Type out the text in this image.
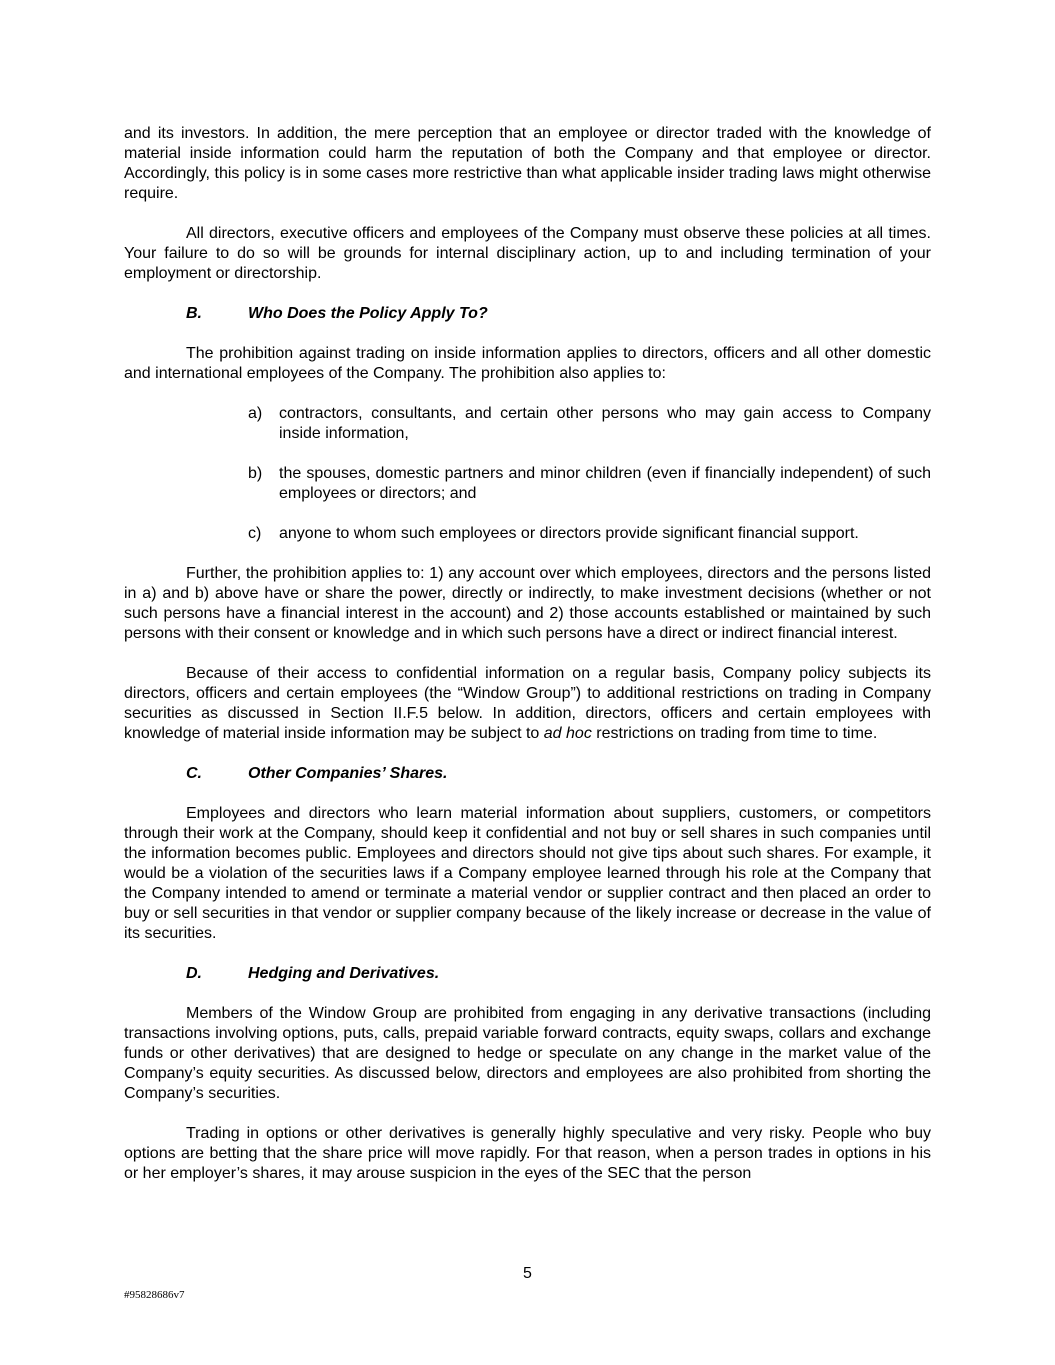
and its investors. In addition, the mere perception that an employee or director traded with the knowledge of material inside information could harm the reputation of both the Company and that employee or director. Accordingly, this policy is in some cases more restrictive than what applicable insider trading laws might otherwise require.

All directors, executive officers and employees of the Company must observe these policies at all times. Your failure to do so will be grounds for internal disciplinary action, up to and including termination of your employment or directorship.

B.	Who Does the Policy Apply To?

The prohibition against trading on inside information applies to directors, officers and all other domestic and international employees of the Company. The prohibition also applies to:

a)	contractors, consultants, and certain other persons who may gain access to Company inside information,
b)	the spouses, domestic partners and minor children (even if financially independent) of such employees or directors; and
c)	anyone to whom such employees or directors provide significant financial support.

Further, the prohibition applies to: 1) any account over which employees, directors and the persons listed in a) and b) above have or share the power, directly or indirectly, to make investment decisions (whether or not such persons have a financial interest in the account) and 2) those accounts established or maintained by such persons with their consent or knowledge and in which such persons have a direct or indirect financial interest.

Because of their access to confidential information on a regular basis, Company policy subjects its directors, officers and certain employees (the “Window Group”) to additional restrictions on trading in Company securities as discussed in Section II.F.5 below. In addition, directors, officers and certain employees with knowledge of material inside information may be subject to ad hoc restrictions on trading from time to time.

C.	Other Companies’ Shares.

Employees and directors who learn material information about suppliers, customers, or competitors through their work at the Company, should keep it confidential and not buy or sell shares in such companies until the information becomes public. Employees and directors should not give tips about such shares. For example, it would be a violation of the securities laws if a Company employee learned through his role at the Company that the Company intended to amend or terminate a material vendor or supplier contract and then placed an order to buy or sell securities in that vendor or supplier company because of the likely increase or decrease in the value of its securities.

D.	Hedging and Derivatives.

Members of the Window Group are prohibited from engaging in any derivative transactions (including transactions involving options, puts, calls, prepaid variable forward contracts, equity swaps, collars and exchange funds or other derivatives) that are designed to hedge or speculate on any change in the market value of the Company’s equity securities. As discussed below, directors and employees are also prohibited from shorting the Company’s securities.

Trading in options or other derivatives is generally highly speculative and very risky. People who buy options are betting that the share price will move rapidly. For that reason, when a person trades in options in his or her employer’s shares, it may arouse suspicion in the eyes of the SEC that the person

5
#95828686v7
